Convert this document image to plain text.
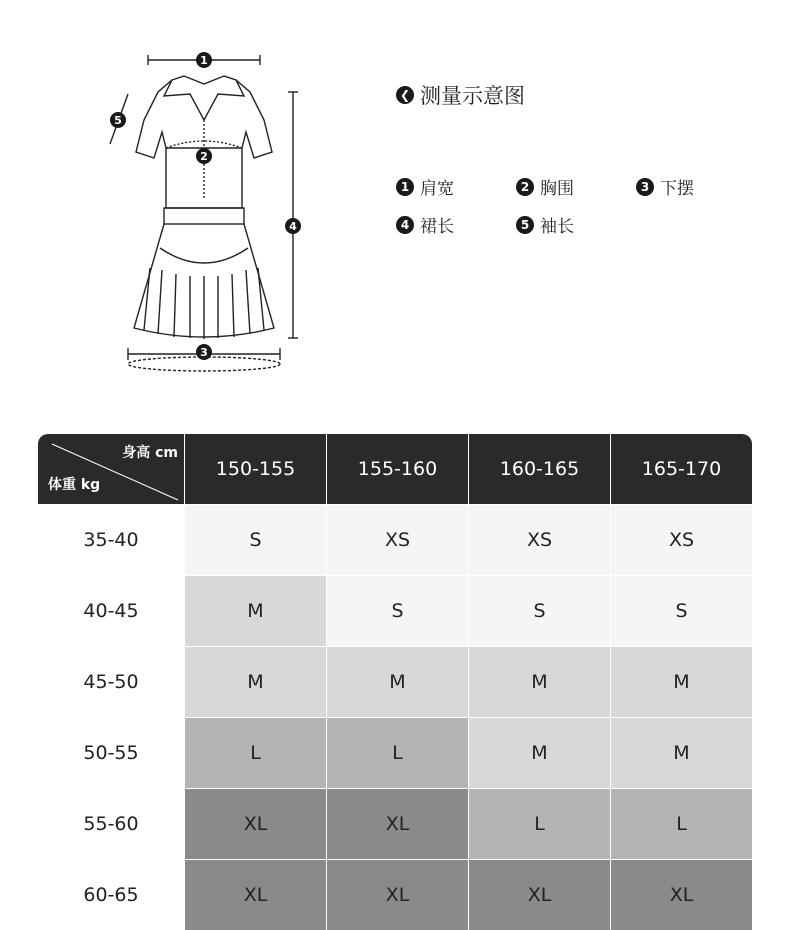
1
2
3
4
5
❮ 测量示意图
1 肩宽	2 胸围	3 下摆
4 裙长	5 袖长
身高 cm
体重 kg	150-155	155-160	160-165	165-170
35-40	S	XS	XS	XS
40-45	M	S	S	S
45-50	M	M	M	M
50-55	L	L	M	M
55-60	XL	XL	L	L
60-65	XL	XL	XL	XL
